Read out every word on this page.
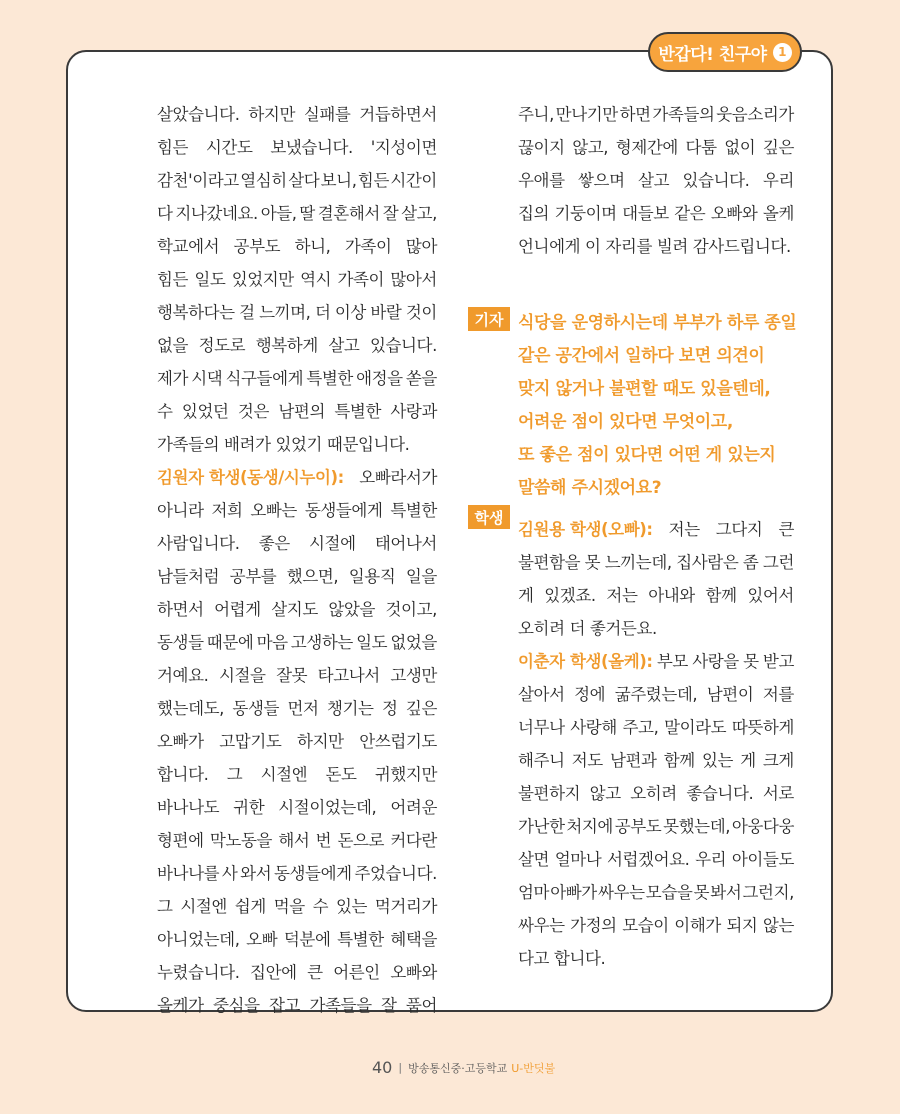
반갑다! 친구야 1
살았습니다. 하지만 실패를 거듭하면서
힘든 시간도 보냈습니다. '지성이면
감천'이라고 열심히 살다 보니, 힘든 시간이
다 지나갔네요. 아들, 딸 결혼해서 잘 살고,
학교에서 공부도 하니, 가족이 많아
힘든 일도 있었지만 역시 가족이 많아서
행복하다는 걸 느끼며, 더 이상 바랄 것이
없을 정도로 행복하게 살고 있습니다.
제가 시댁 식구들에게 특별한 애정을 쏟을
수 있었던 것은 남편의 특별한 사랑과
가족들의 배려가 있었기 때문입니다.
김원자 학생(동생/시누이): 오빠라서가
아니라 저희 오빠는 동생들에게 특별한
사람입니다. 좋은 시절에 태어나서
남들처럼 공부를 했으면, 일용직 일을
하면서 어렵게 살지도 않았을 것이고,
동생들 때문에 마음 고생하는 일도 없었을
거예요. 시절을 잘못 타고나서 고생만
했는데도, 동생들 먼저 챙기는 정 깊은
오빠가 고맙기도 하지만 안쓰럽기도
합니다. 그 시절엔 돈도 귀했지만
바나나도 귀한 시절이었는데, 어려운
형편에 막노동을 해서 번 돈으로 커다란
바나나를 사 와서 동생들에게 주었습니다.
그 시절엔 쉽게 먹을 수 있는 먹거리가
아니었는데, 오빠 덕분에 특별한 혜택을
누렸습니다. 집안에 큰 어른인 오빠와
올케가 중심을 잡고 가족들을 잘 품어
주니, 만나기만 하면 가족들의 웃음소리가
끊이지 않고, 형제간에 다툼 없이 깊은
우애를 쌓으며 살고 있습니다. 우리
집의 기둥이며 대들보 같은 오빠와 올케
언니에게 이 자리를 빌려 감사드립니다.
식당을 운영하시는데 부부가 하루 종일
같은 공간에서 일하다 보면 의견이
맞지 않거나 불편할 때도 있을텐데,
어려운 점이 있다면 무엇이고,
또 좋은 점이 있다면 어떤 게 있는지
말씀해 주시겠어요?
김원용 학생(오빠): 저는 그다지 큰
불편함을 못 느끼는데, 집사람은 좀 그런
게 있겠죠. 저는 아내와 함께 있어서
오히려 더 좋거든요.
이춘자 학생(올케): 부모 사랑을 못 받고
살아서 정에 굶주렸는데, 남편이 저를
너무나 사랑해 주고, 말이라도 따뜻하게
해주니 저도 남편과 함께 있는 게 크게
불편하지 않고 오히려 좋습니다. 서로
가난한 처지에 공부도 못했는데, 아웅다웅
살면 얼마나 서럽겠어요. 우리 아이들도
엄마 아빠가 싸우는 모습을 못 봐서 그런지,
싸우는 가정의 모습이 이해가 되지 않는
다고 합니다.
기자
학생
40 | 방송통신중·고등학교 U-반딧불
